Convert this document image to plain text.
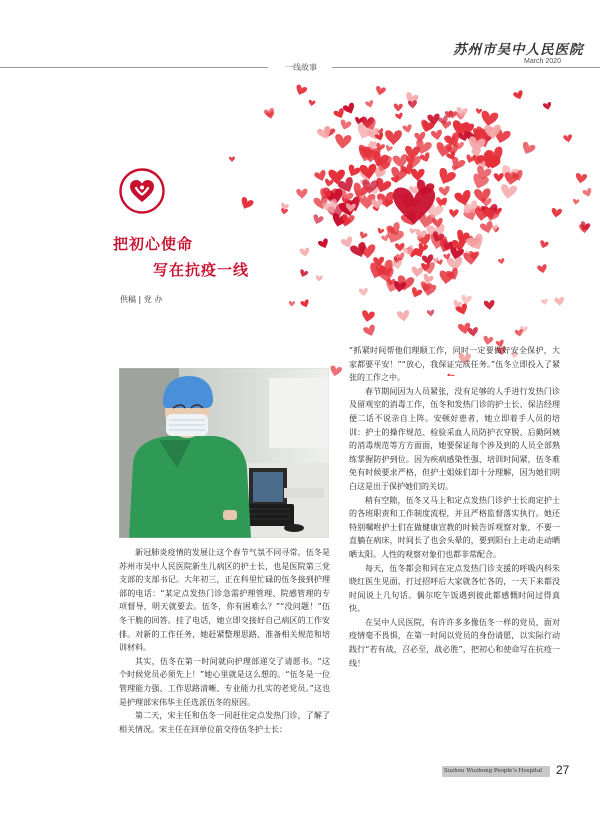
苏州市吴中人民医院
March 2020
一线故事
把初心使命
写在抗疫一线
供稿 | 党 办

新冠肺炎疫情的发展让这个春节气氛不同寻常。伍冬是苏州市吴中人民医院新生儿病区的护士长，也是医院第三党支部的支部书记。大年初三，正在科里忙碌的伍冬接到护理部的电话：“某定点发热门诊急需护理管理、院感管理的专项督导，明天就要去。伍冬，你有困难么？”“没问题！”伍冬干脆的回答。挂了电话，她立即交接好自己病区的工作安排。对新的工作任务，她赶紧整理思路、准备相关规范和培训材料。

其实，伍冬在第一时间就向护理部递交了请愿书。“这个时候党员必须先上！”她心里就是这么想的。“伍冬是一位管理能力强、工作思路清晰、专业能力扎实的老党员。”这也是护理部宋伟华主任选派伍冬的原因。

第二天，宋主任和伍冬一同赶往定点发热门诊，了解了相关情况。宋主任在回单位前交待伍冬护士长：

“抓紧时间帮他们理顺工作，同时一定要做好安全保护，大家都要平安！”“放心，我保证完成任务。”伍冬立即投入了紧张的工作之中。

春节期间因为人员紧张，没有足够的人手进行发热门诊及留观室的消毒工作，伍冬和发热门诊的护士长、保洁经理便二话不说亲自上阵。安顿好患者，她立即着手人员的培训：护士的操作规范、检验采血人员防护衣穿脱、后勤阿姨的消毒规范等方方面面，她要保证每个涉及到的人员全部熟练掌握防护到位。因为疾病感染性强、培训时间紧，伍冬难免有时候要求严格，但护士姐妹们却十分理解，因为她们明白这是出于保护她们的关切。

稍有空隙，伍冬又马上和定点发热门诊护士长商定护士的各班职责和工作制度流程，并且严格监督落实执行。她还特别嘱咐护士们在做健康宣教的时候告诉观察对象，不要一直躺在病床，时间长了也会头晕的，要到阳台上走动走动晒晒太阳。人性的观察对象们也都非常配合。

每天，伍冬都会和同在定点发热门诊支援的呼吸内科朱晓红医生见面，打过招呼后大家就各忙各的，一天下来都没时间说上几句话。偶尔吃午饭遇到彼此都感慨时间过得真快。

在吴中人民医院，有许许多多像伍冬一样的党员，面对疫情毫不畏惧，在第一时间以党员的身份请愿，以实际行动践行“若有战，召必至，战必胜”，把初心和使命写在抗疫一线！

Suzhou Wuzhong People's Hospital	27
